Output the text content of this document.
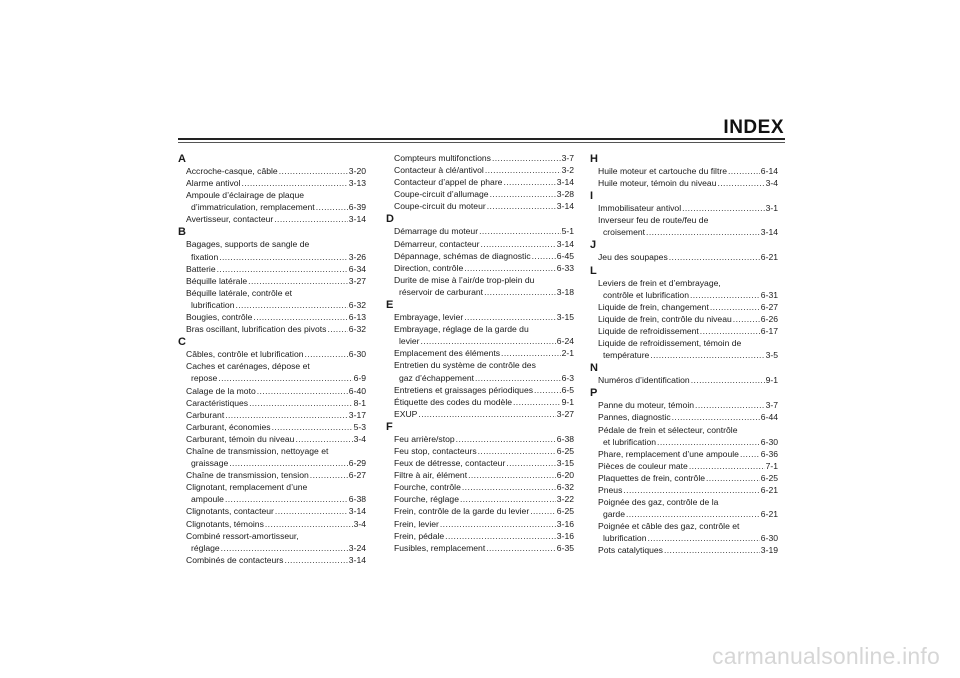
INDEX
A
Accroche-casque, câble .....	3-20
Alarme antivol .....	3-13
Ampoule d’éclairage de plaque
d’immatriculation, remplacement .....	6-39
Avertisseur, contacteur .....	3-14
B
Bagages, supports de sangle de
fixation .....	3-26
Batterie .....	6-34
Béquille latérale .....	3-27
Béquille latérale, contrôle et
lubrification .....	6-32
Bougies, contrôle .....	6-13
Bras oscillant, lubrification des pivots .....	6-32
C
Câbles, contrôle et lubrification .....	6-30
Caches et carénages, dépose et
repose .....	6-9
Calage de la moto .....	6-40
Caractéristiques .....	8-1
Carburant .....	3-17
Carburant, économies .....	5-3
Carburant, témoin du niveau .....	3-4
Chaîne de transmission, nettoyage et
graissage .....	6-29
Chaîne de transmission, tension .....	6-27
Clignotant, remplacement d’une
ampoule .....	6-38
Clignotants, contacteur .....	3-14
Clignotants, témoins .....	3-4
Combiné ressort-amortisseur,
réglage .....	3-24
Combinés de contacteurs .....	3-14
Compteurs multifonctions .....	3-7
Contacteur à clé/antivol .....	3-2
Contacteur d’appel de phare .....	3-14
Coupe-circuit d’allumage .....	3-28
Coupe-circuit du moteur .....	3-14
D
Démarrage du moteur .....	5-1
Démarreur, contacteur .....	3-14
Dépannage, schémas de diagnostic .....	6-45
Direction, contrôle .....	6-33
Durite de mise à l’air/de trop-plein du
réservoir de carburant .....	3-18
E
Embrayage, levier .....	3-15
Embrayage, réglage de la garde du
levier .....	6-24
Emplacement des éléments .....	2-1
Entretien du système de contrôle des
gaz d’échappement .....	6-3
Entretiens et graissages périodiques .....	6-5
Étiquette des codes du modèle .....	9-1
EXUP .....	3-27
F
Feu arrière/stop .....	6-38
Feu stop, contacteurs .....	6-25
Feux de détresse, contacteur .....	3-15
Filtre à air, élément .....	6-20
Fourche, contrôle .....	6-32
Fourche, réglage .....	3-22
Frein, contrôle de la garde du levier .....	6-25
Frein, levier .....	3-16
Frein, pédale .....	3-16
Fusibles, remplacement .....	6-35
H
Huile moteur et cartouche du filtre .....	6-14
Huile moteur, témoin du niveau .....	3-4
I
Immobilisateur antivol .....	3-1
Inverseur feu de route/feu de
croisement .....	3-14
J
Jeu des soupapes .....	6-21
L
Leviers de frein et d’embrayage,
contrôle et lubrification .....	6-31
Liquide de frein, changement .....	6-27
Liquide de frein, contrôle du niveau .....	6-26
Liquide de refroidissement .....	6-17
Liquide de refroidissement, témoin de
température .....	3-5
N
Numéros d’identification .....	9-1
P
Panne du moteur, témoin .....	3-7
Pannes, diagnostic .....	6-44
Pédale de frein et sélecteur, contrôle
et lubrification .....	6-30
Phare, remplacement d’une ampoule .....	6-36
Pièces de couleur mate .....	7-1
Plaquettes de frein, contrôle .....	6-25
Pneus .....	6-21
Poignée des gaz, contrôle de la
garde .....	6-21
Poignée et câble des gaz, contrôle et
lubrification .....	6-30
Pots catalytiques .....	3-19
carmanualsonline.info
